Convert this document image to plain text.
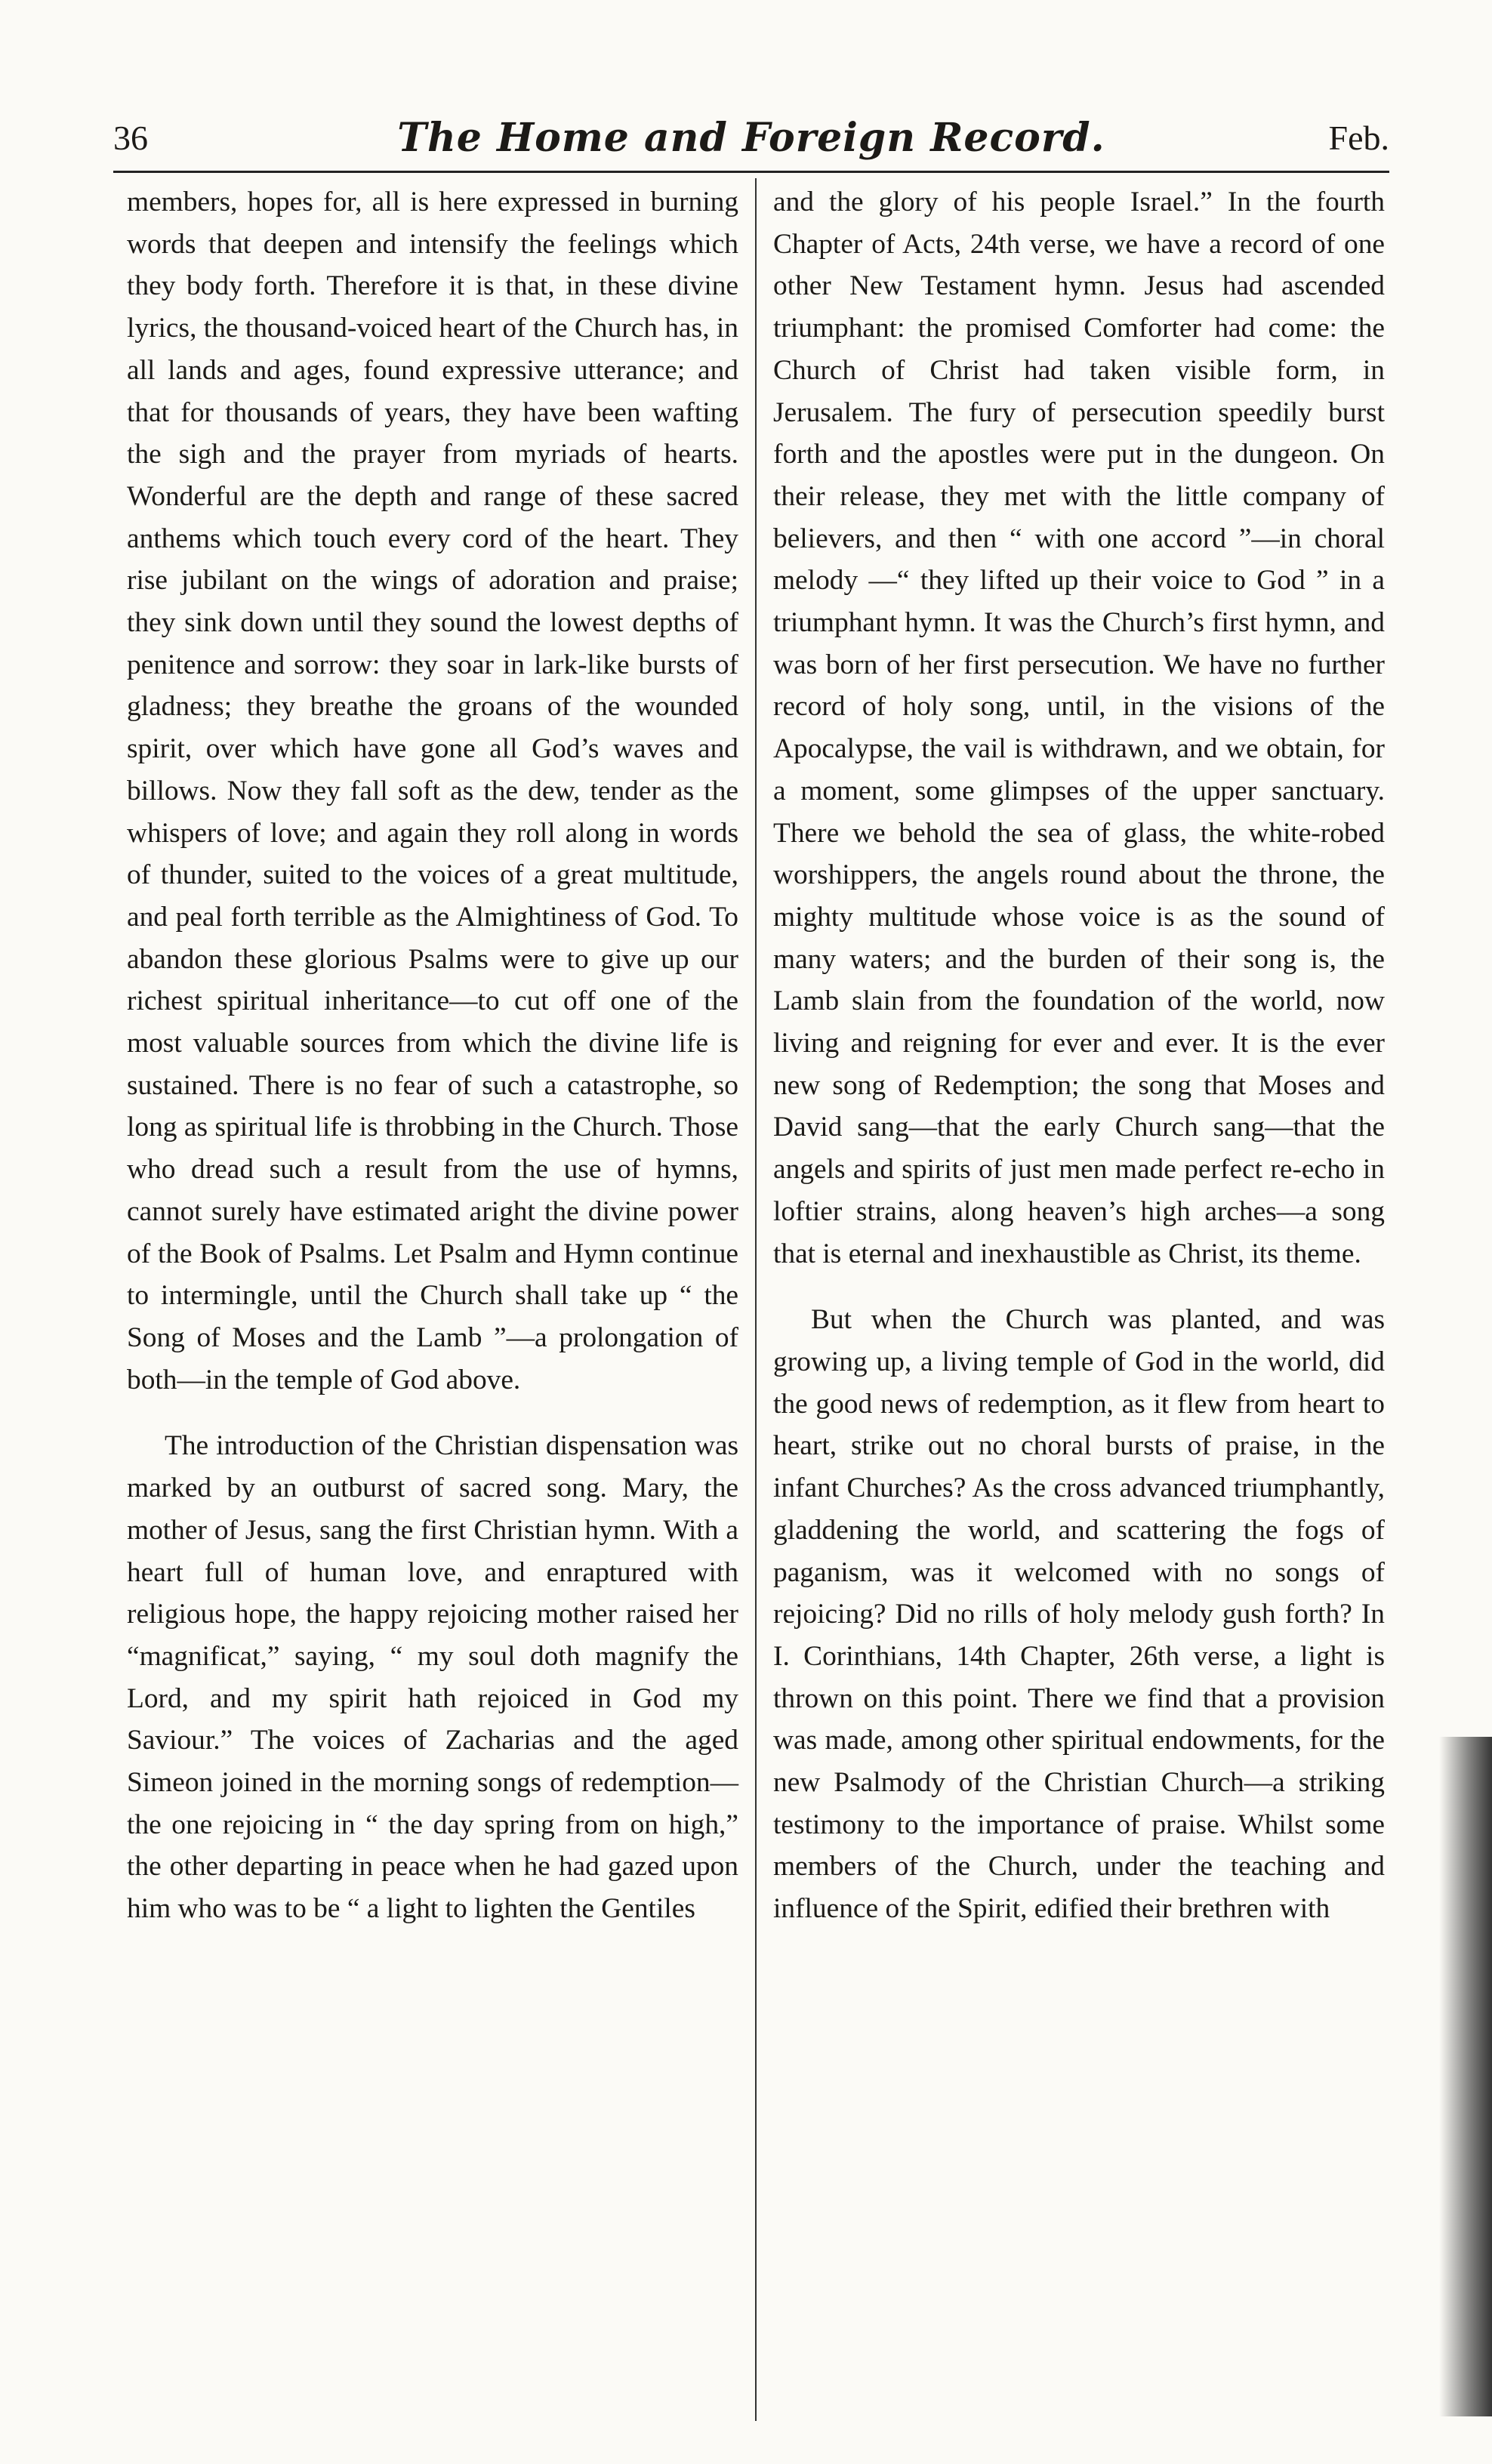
36	The Home and Foreign Record.	Feb.

members, hopes for, all is here expressed in burning words that deepen and intensify the feelings which they body forth. Therefore it is that, in these divine lyrics, the thousand-voiced heart of the Church has, in all lands and ages, found expressive utterance; and that for thousands of years, they have been wafting the sigh and the prayer from myriads of hearts. Wonderful are the depth and range of these sacred anthems which touch every cord of the heart. They rise jubilant on the wings of adoration and praise; they sink down until they sound the lowest depths of penitence and sorrow: they soar in lark-like bursts of gladness; they breathe the groans of the wounded spirit, over which have gone all God’s waves and billows. Now they fall soft as the dew, tender as the whispers of love; and again they roll along in words of thunder, suited to the voices of a great multitude, and peal forth terrible as the Almightiness of God. To abandon these glorious Psalms were to give up our richest spiritual inheritance—to cut off one of the most valuable sources from which the divine life is sustained. There is no fear of such a catastrophe, so long as spiritual life is throbbing in the Church. Those who dread such a result from the use of hymns, cannot surely have estimated aright the divine power of the Book of Psalms. Let Psalm and Hymn continue to intermingle, until the Church shall take up “ the Song of Moses and the Lamb ”—a prolongation of both—in the temple of God above.

The introduction of the Christian dispensation was marked by an outburst of sacred song. Mary, the mother of Jesus, sang the first Christian hymn. With a heart full of human love, and enraptured with religious hope, the happy rejoicing mother raised her “magnificat,” saying, “ my soul doth magnify the Lord, and my spirit hath rejoiced in God my Saviour.” The voices of Zacharias and the aged Simeon joined in the morning songs of redemption—the one rejoicing in “ the day spring from on high,” the other departing in peace when he had gazed upon him who was to be “ a light to lighten the Gentiles

and the glory of his people Israel.” In the fourth Chapter of Acts, 24th verse, we have a record of one other New Testament hymn. Jesus had ascended triumphant: the promised Comforter had come: the Church of Christ had taken visible form, in Jerusalem. The fury of persecution speedily burst forth and the apostles were put in the dungeon. On their release, they met with the little company of believers, and then “ with one accord ”—in choral melody —“ they lifted up their voice to God ” in a triumphant hymn. It was the Church’s first hymn, and was born of her first persecution. We have no further record of holy song, until, in the visions of the Apocalypse, the vail is withdrawn, and we obtain, for a moment, some glimpses of the upper sanctuary. There we behold the sea of glass, the white-robed worshippers, the angels round about the throne, the mighty multitude whose voice is as the sound of many waters; and the burden of their song is, the Lamb slain from the foundation of the world, now living and reigning for ever and ever. It is the ever new song of Redemption; the song that Moses and David sang—that the early Church sang—that the angels and spirits of just men made perfect re-echo in loftier strains, along heaven’s high arches—a song that is eternal and inexhaustible as Christ, its theme.

But when the Church was planted, and was growing up, a living temple of God in the world, did the good news of redemption, as it flew from heart to heart, strike out no choral bursts of praise, in the infant Churches? As the cross advanced triumphantly, gladdening the world, and scattering the fogs of paganism, was it welcomed with no songs of rejoicing? Did no rills of holy melody gush forth? In I. Corinthians, 14th Chapter, 26th verse, a light is thrown on this point. There we find that a provision was made, among other spiritual endowments, for the new Psalmody of the Christian Church—a striking testimony to the importance of praise. Whilst some members of the Church, under the teaching and influence of the Spirit, edified their brethren with
